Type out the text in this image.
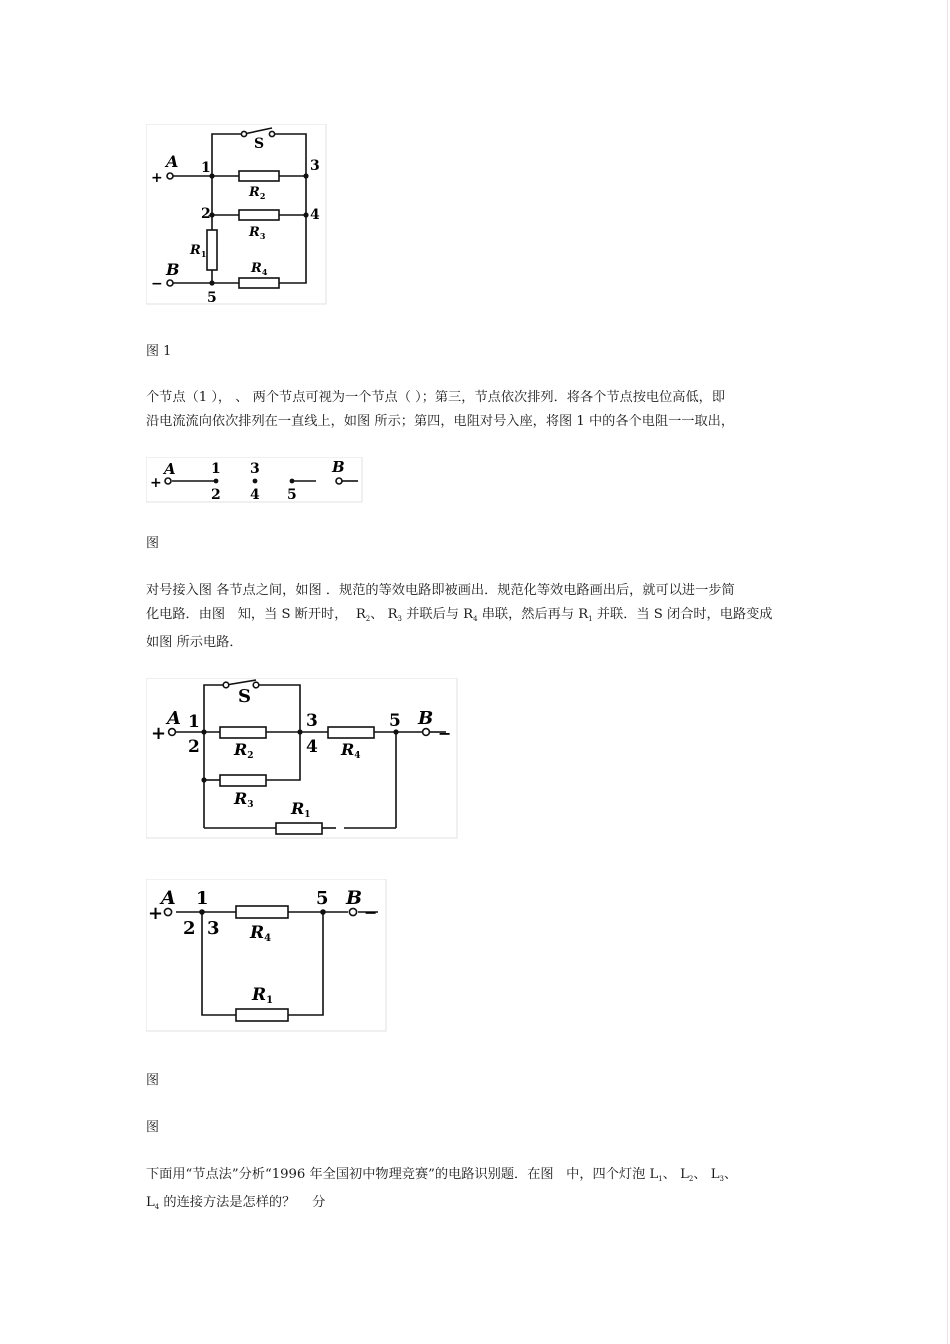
+
A
−
B
S
1
2
3
4
5
$R_2$
$R_3$
$R_1$
$R_4$
图 1
个节点（1 ）， 、 两个节点可视为一个节点（ ）；第三，节点依次排列．将各个节点按电位高低，即
沿电流流向依次排列在一直线上，如图 所示；第四，电阻对号入座，将图 1 中的各个电阻一一取出，
+
A	B
1
2
3
4 5
图
对号接入图 各节点之间，如图 ．规范的等效电路即被画出．规范化等效电路画出后，就可以进一步简
化电路．由图   知，当 S 断开时，  $R_2$、 $R_3$ 并联后与 $R_4$ 串联，然后再与 $R_1$ 并联．当 S 闭合时，电路变成
如图 所示电路．
+
A	B
−
S
1
2
3
4
5
R2	R4
R3 R1
+
A	B
−
1
2 3
5
R4
R1
图
图
下面用“节点法”分析“1996 年全国初中物理竞赛”的电路识别题．在图   中，四个灯泡 $L_1$、 $L_2$、 $L_3$、
$L_4$ 的连接方法是怎样的？    分
